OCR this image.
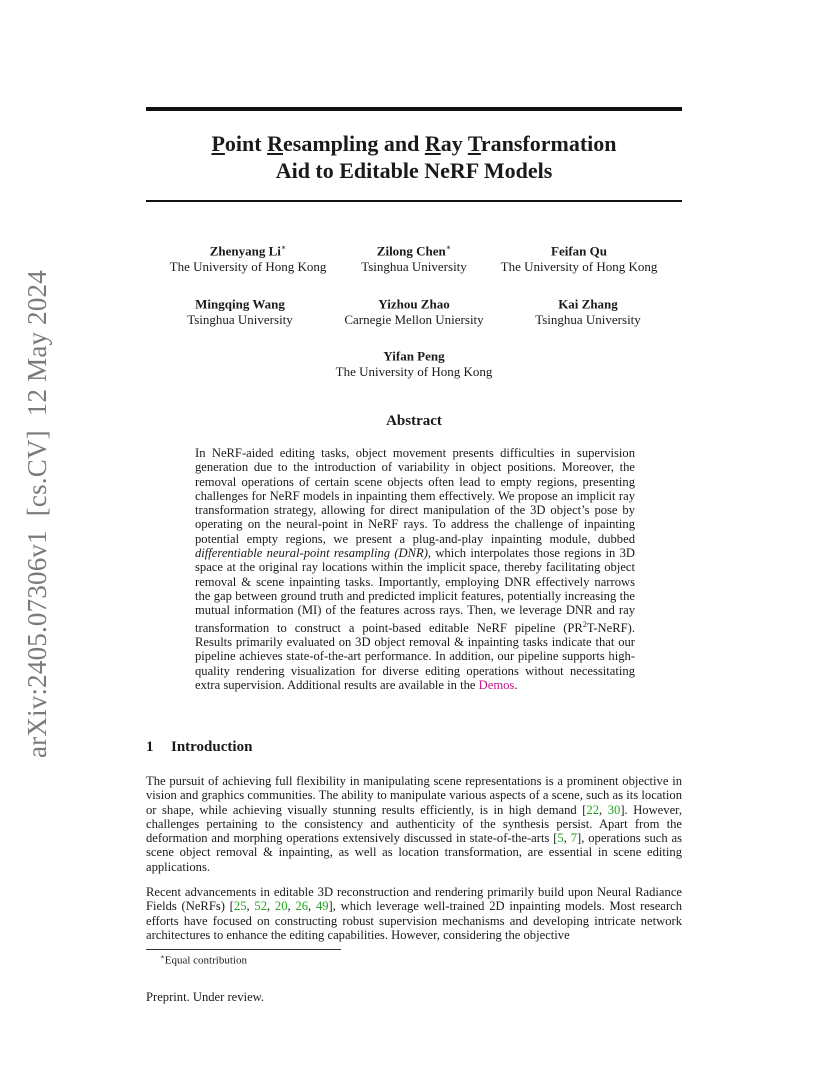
arXiv:2405.07306v1  [cs.CV]  12 May 2024
Point Resampling and Ray Transformation
Aid to Editable NeRF Models
Zhenyang Li∗
The University of Hong Kong
Zilong Chen∗
Tsinghua University
Feifan Qu
The University of Hong Kong
Mingqing Wang
Tsinghua University
Yizhou Zhao
Carnegie Mellon Uniersity
Kai Zhang
Tsinghua University
Yifan Peng
The University of Hong Kong
Abstract
In NeRF-aided editing tasks, object movement presents difficulties in supervision generation due to the introduction of variability in object positions. Moreover, the removal operations of certain scene objects often lead to empty regions, presenting challenges for NeRF models in inpainting them effectively. We propose an implicit ray transformation strategy, allowing for direct manipulation of the 3D object’s pose by operating on the neural-point in NeRF rays. To address the challenge of inpainting potential empty regions, we present a plug-and-play inpainting module, dubbed differentiable neural-point resampling (DNR), which interpolates those regions in 3D space at the original ray locations within the implicit space, thereby facilitating object removal & scene inpainting tasks. Importantly, employing DNR effectively narrows the gap between ground truth and predicted implicit features, potentially increasing the mutual information (MI) of the features across rays. Then, we leverage DNR and ray transformation to construct a point-based editable NeRF pipeline $(PR^2T-NeRF)$. Results primarily evaluated on 3D object removal & inpainting tasks indicate that our pipeline achieves state-of-the-art performance. In addition, our pipeline supports high-quality rendering visualization for diverse editing operations without necessitating extra supervision. Additional results are available in the Demos.
1 Introduction
The pursuit of achieving full flexibility in manipulating scene representations is a prominent objective in vision and graphics communities. The ability to manipulate various aspects of a scene, such as its location or shape, while achieving visually stunning results efficiently, is in high demand [22, 30]. However, challenges pertaining to the consistency and authenticity of the synthesis persist. Apart from the deformation and morphing operations extensively discussed in state-of-the-arts [5, 7], operations such as scene object removal & inpainting, as well as location transformation, are essential in scene editing applications.
Recent advancements in editable 3D reconstruction and rendering primarily build upon Neural Radiance Fields (NeRFs) [25, 52, 20, 26, 49], which leverage well-trained 2D inpainting models. Most research efforts have focused on constructing robust supervision mechanisms and developing intricate network architectures to enhance the editing capabilities. However, considering the objective
∗Equal contribution
Preprint. Under review.
